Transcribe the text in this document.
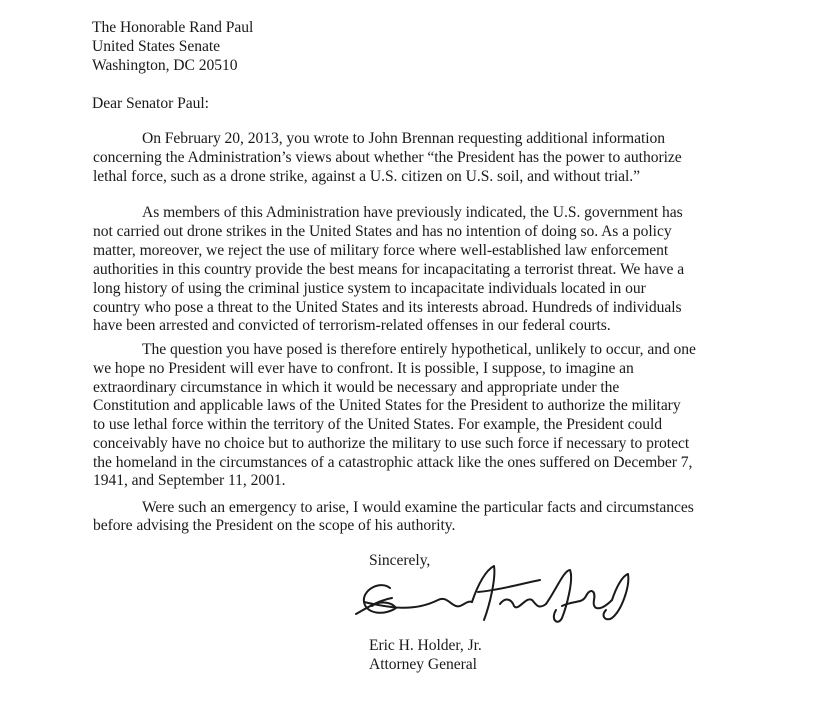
The Honorable Rand Paul
United States Senate
Washington, DC 20510
Dear Senator Paul:
On February 20, 2013, you wrote to John Brennan requesting additional information
concerning the Administration’s views about whether “the President has the power to authorize
lethal force, such as a drone strike, against a U.S. citizen on U.S. soil, and without trial.”
As members of this Administration have previously indicated, the U.S. government has
not carried out drone strikes in the United States and has no intention of doing so. As a policy
matter, moreover, we reject the use of military force where well-established law enforcement
authorities in this country provide the best means for incapacitating a terrorist threat. We have a
long history of using the criminal justice system to incapacitate individuals located in our
country who pose a threat to the United States and its interests abroad. Hundreds of individuals
have been arrested and convicted of terrorism-related offenses in our federal courts.
The question you have posed is therefore entirely hypothetical, unlikely to occur, and one
we hope no President will ever have to confront. It is possible, I suppose, to imagine an
extraordinary circumstance in which it would be necessary and appropriate under the
Constitution and applicable laws of the United States for the President to authorize the military
to use lethal force within the territory of the United States. For example, the President could
conceivably have no choice but to authorize the military to use such force if necessary to protect
the homeland in the circumstances of a catastrophic attack like the ones suffered on December 7,
1941, and September 11, 2001.
Were such an emergency to arise, I would examine the particular facts and circumstances
before advising the President on the scope of his authority.
Sincerely,
Eric H. Holder, Jr.
Attorney General
